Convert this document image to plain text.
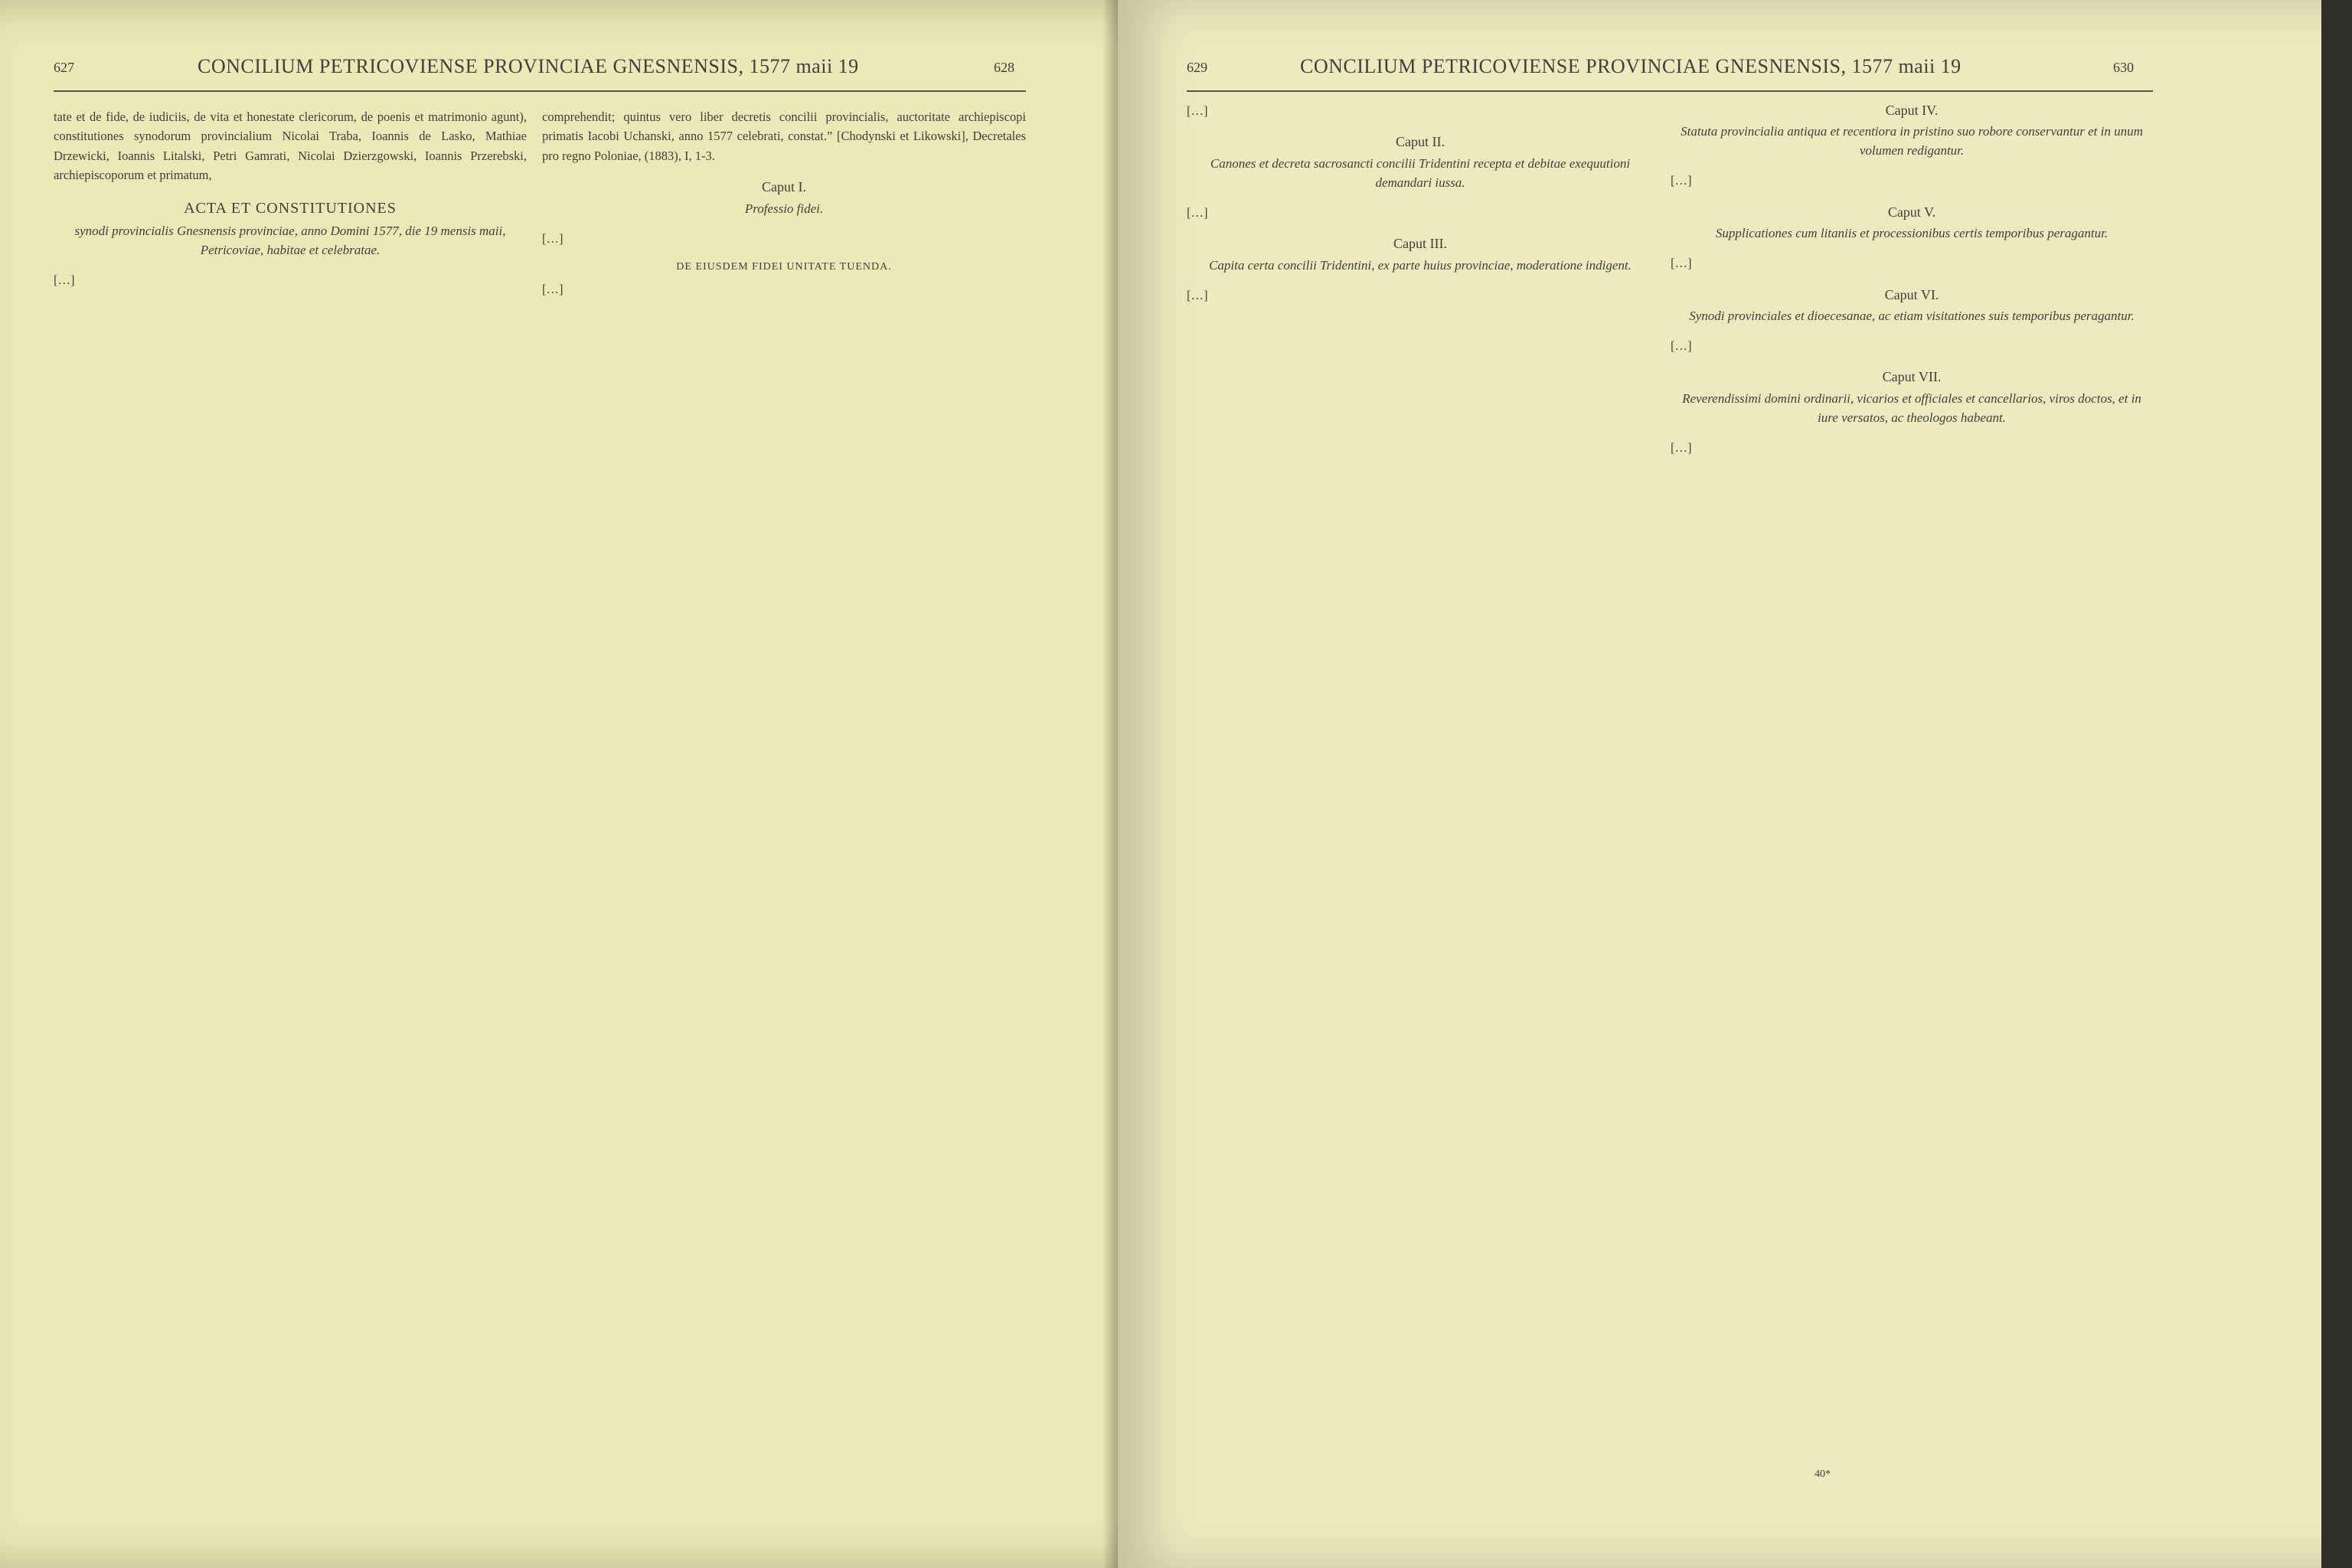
627	CONCILIUM PETRICOVIENSE PROVINCIAE GNESNENSIS, 1577 maii 19	628

tate et de fide, de iudiciis, de vita et honestate clericorum, de poenis et matrimonio agunt), constitutiones synodorum provincialium Nicolai Traba, Ioannis de Lasko, Mathiae Drzewicki, Ioannis Litalski, Petri Gamrati, Nicolai Dzierzgowski, Ioannis Przerebski, archiepiscoporum et primatum,

ACTA ET CONSTITUTIONES
synodi provincialis Gnesnensis provinciae, anno Domini 1577, die 19 mensis maii, Petricoviae, habitae et celebratae.

[…]

comprehendit; quintus vero liber decretis concilii provincialis, auctoritate archiepiscopi primatis Iacobi Uchanski, anno 1577 celebrati, constat.” [Chodynski et Likowski], Decretales pro regno Poloniae, (1883), I, 1-3.

Caput I.
Professio fidei.

[…]

DE EIUSDEM FIDEI UNITATE TUENDA.

[…]

629	CONCILIUM PETRICOVIENSE PROVINCIAE GNESNENSIS, 1577 maii 19	630

[…]

Caput II.
Canones et decreta sacrosancti concilii Tridentini recepta et debitae exequutioni demandari iussa.

[…]

Caput III.
Capita certa concilii Tridentini, ex parte huius provinciae, moderatione indigent.

[…]

Caput IV.
Statuta provincialia antiqua et recentiora in pristino suo robore conservantur et in unum volumen redigantur.

[…]

Caput V.
Supplicationes cum litaniis et processionibus certis temporibus peragantur.

[…]

Caput VI.
Synodi provinciales et dioecesanae, ac etiam visitationes suis temporibus peragantur.

[…]

Caput VII.
Reverendissimi domini ordinarii, vicarios et officiales et cancellarios, viros doctos, et in iure versatos, ac theologos habeant.

[…]

40*
